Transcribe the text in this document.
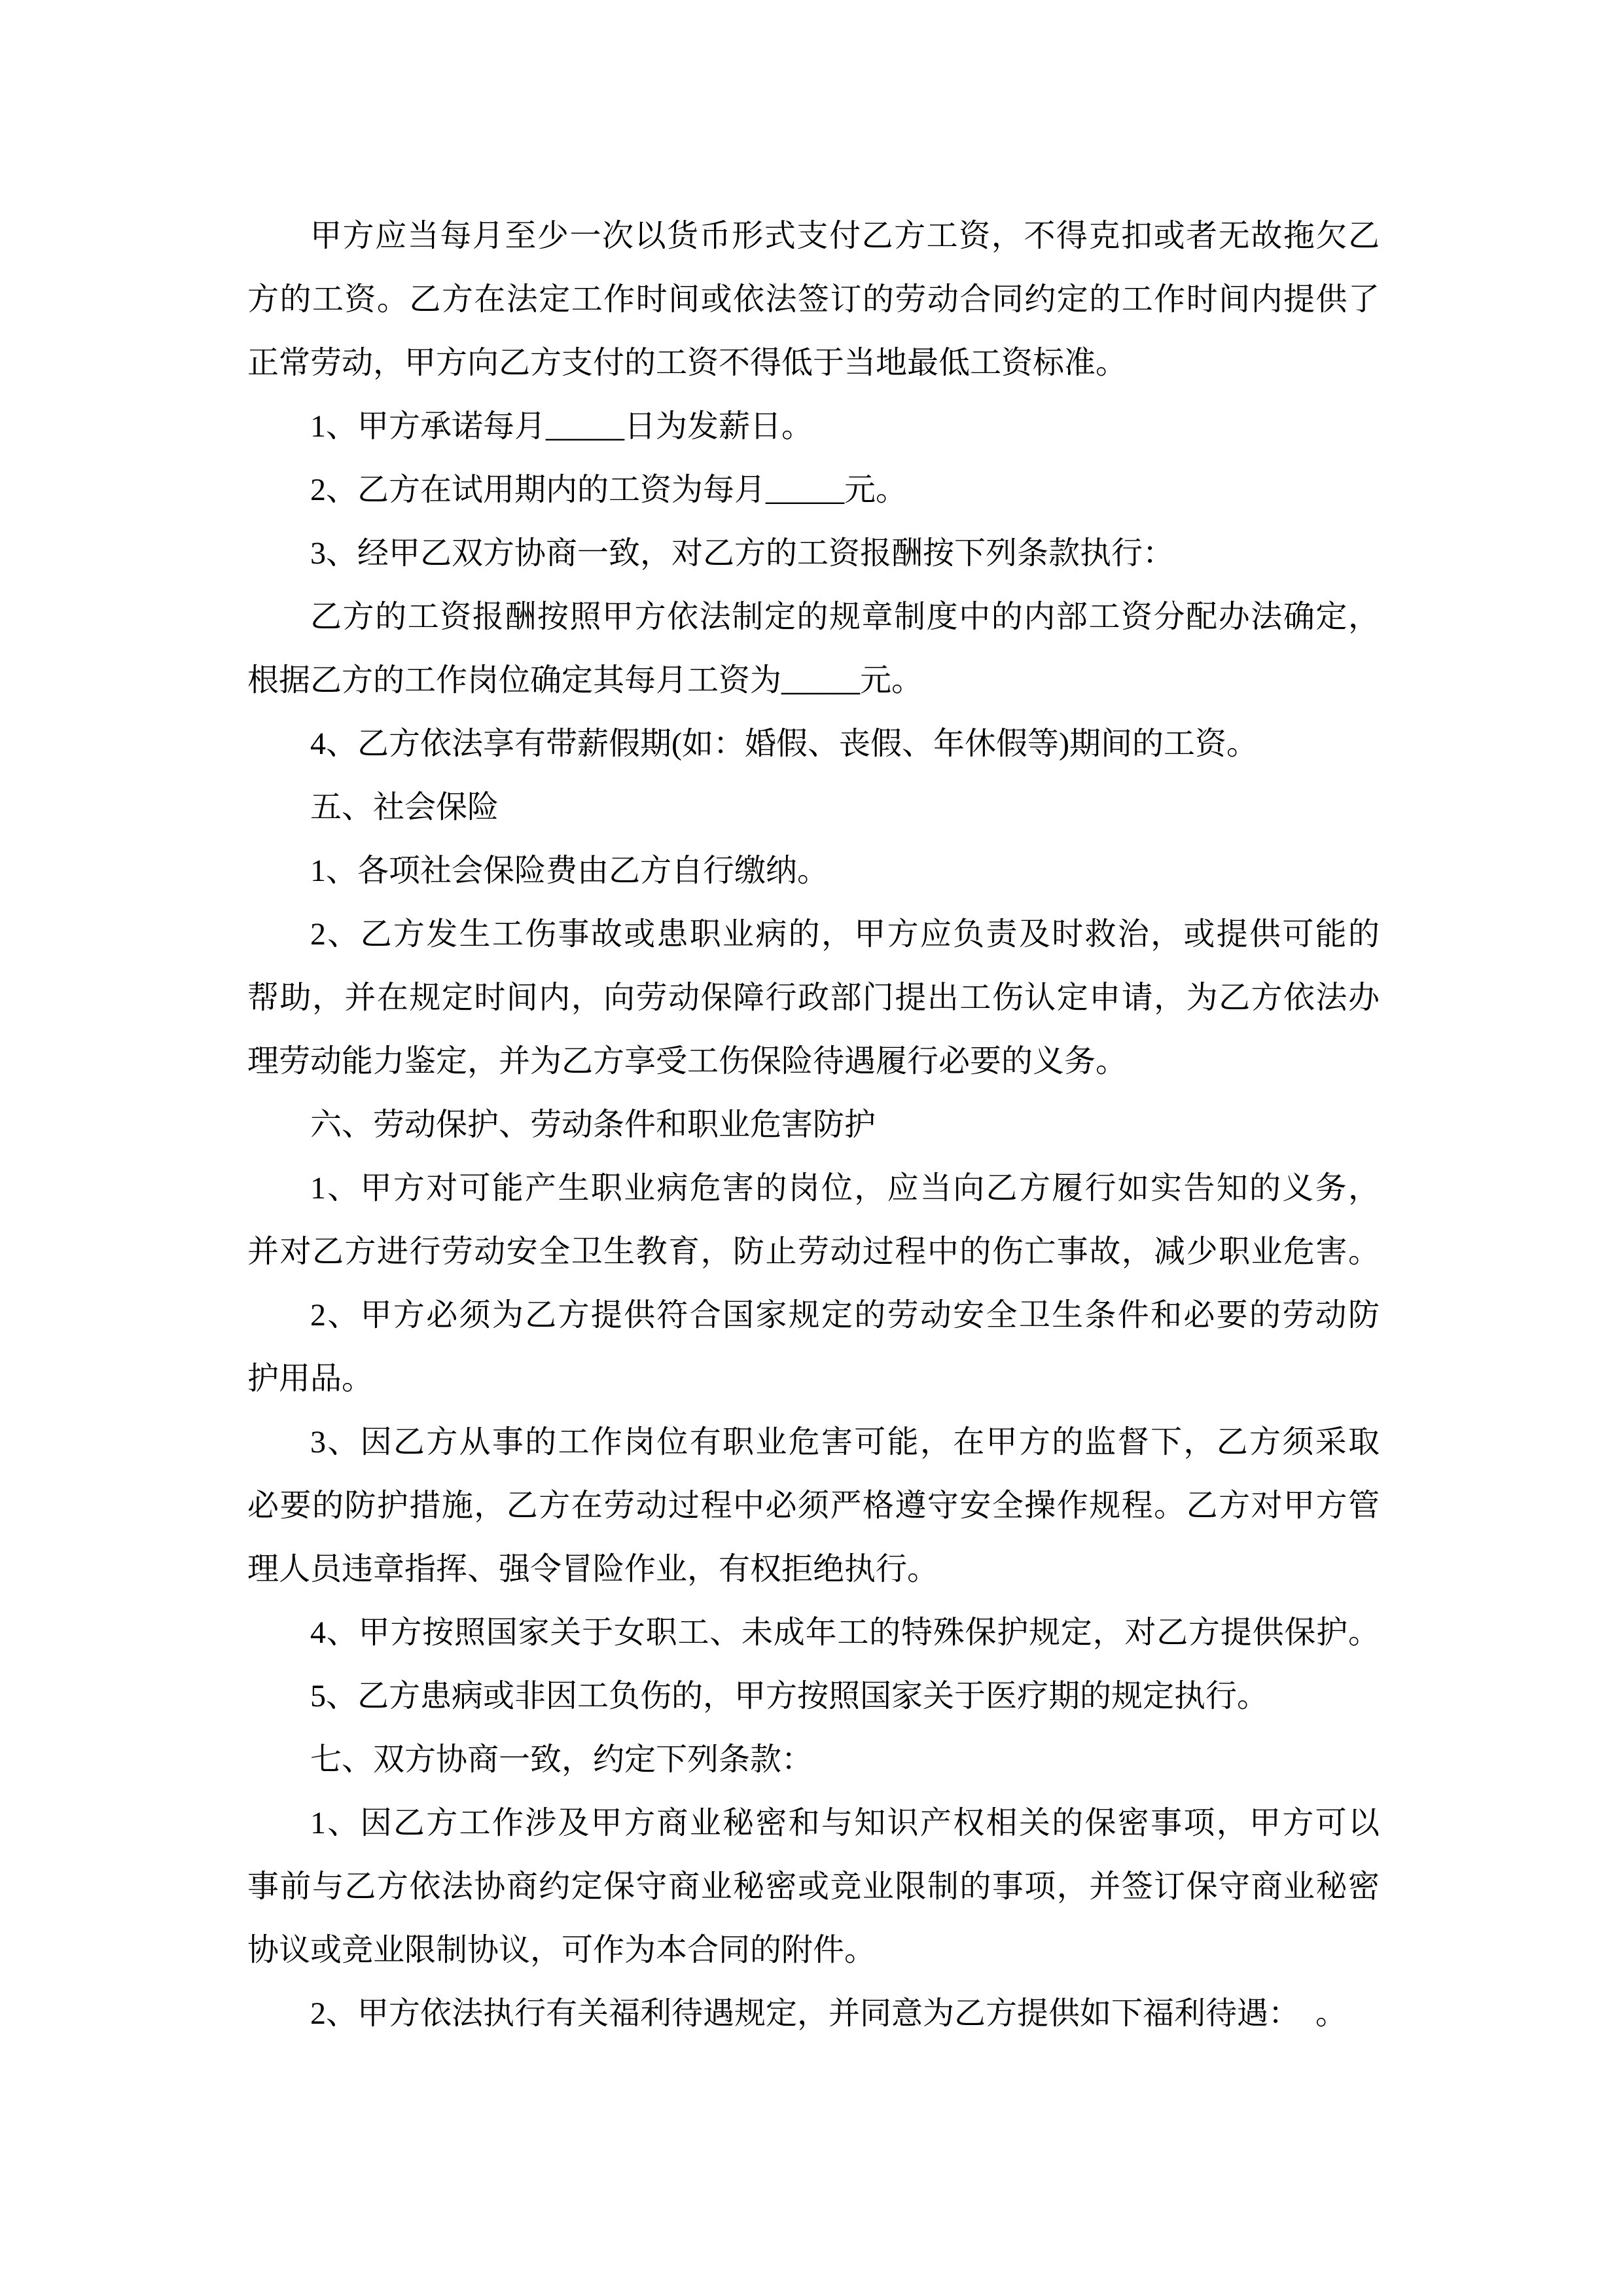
甲方应当每月至少一次以货币形式支付乙方工资，不得克扣或者无故拖欠乙
方的工资。乙方在法定工作时间或依法签订的劳动合同约定的工作时间内提供了
正常劳动，甲方向乙方支付的工资不得低于当地最低工资标准。
1、甲方承诺每月_____日为发薪日。
2、乙方在试用期内的工资为每月_____元。
3、经甲乙双方协商一致，对乙方的工资报酬按下列条款执行：
乙方的工资报酬按照甲方依法制定的规章制度中的内部工资分配办法确定，
根据乙方的工作岗位确定其每月工资为_____元。
4、乙方依法享有带薪假期(如：婚假、丧假、年休假等)期间的工资。
五、社会保险
1、各项社会保险费由乙方自行缴纳。
2、乙方发生工伤事故或患职业病的，甲方应负责及时救治，或提供可能的
帮助，并在规定时间内，向劳动保障行政部门提出工伤认定申请，为乙方依法办
理劳动能力鉴定，并为乙方享受工伤保险待遇履行必要的义务。
六、劳动保护、劳动条件和职业危害防护
1、甲方对可能产生职业病危害的岗位，应当向乙方履行如实告知的义务，
并对乙方进行劳动安全卫生教育，防止劳动过程中的伤亡事故，减少职业危害。
2、甲方必须为乙方提供符合国家规定的劳动安全卫生条件和必要的劳动防
护用品。
3、因乙方从事的工作岗位有职业危害可能，在甲方的监督下，乙方须采取
必要的防护措施，乙方在劳动过程中必须严格遵守安全操作规程。乙方对甲方管
理人员违章指挥、强令冒险作业，有权拒绝执行。
4、甲方按照国家关于女职工、未成年工的特殊保护规定，对乙方提供保护。
5、乙方患病或非因工负伤的，甲方按照国家关于医疗期的规定执行。
七、双方协商一致，约定下列条款：
1、因乙方工作涉及甲方商业秘密和与知识产权相关的保密事项，甲方可以
事前与乙方依法协商约定保守商业秘密或竞业限制的事项，并签订保守商业秘密
协议或竞业限制协议，可作为本合同的附件。
2、甲方依法执行有关福利待遇规定，并同意为乙方提供如下福利待遇：　。
